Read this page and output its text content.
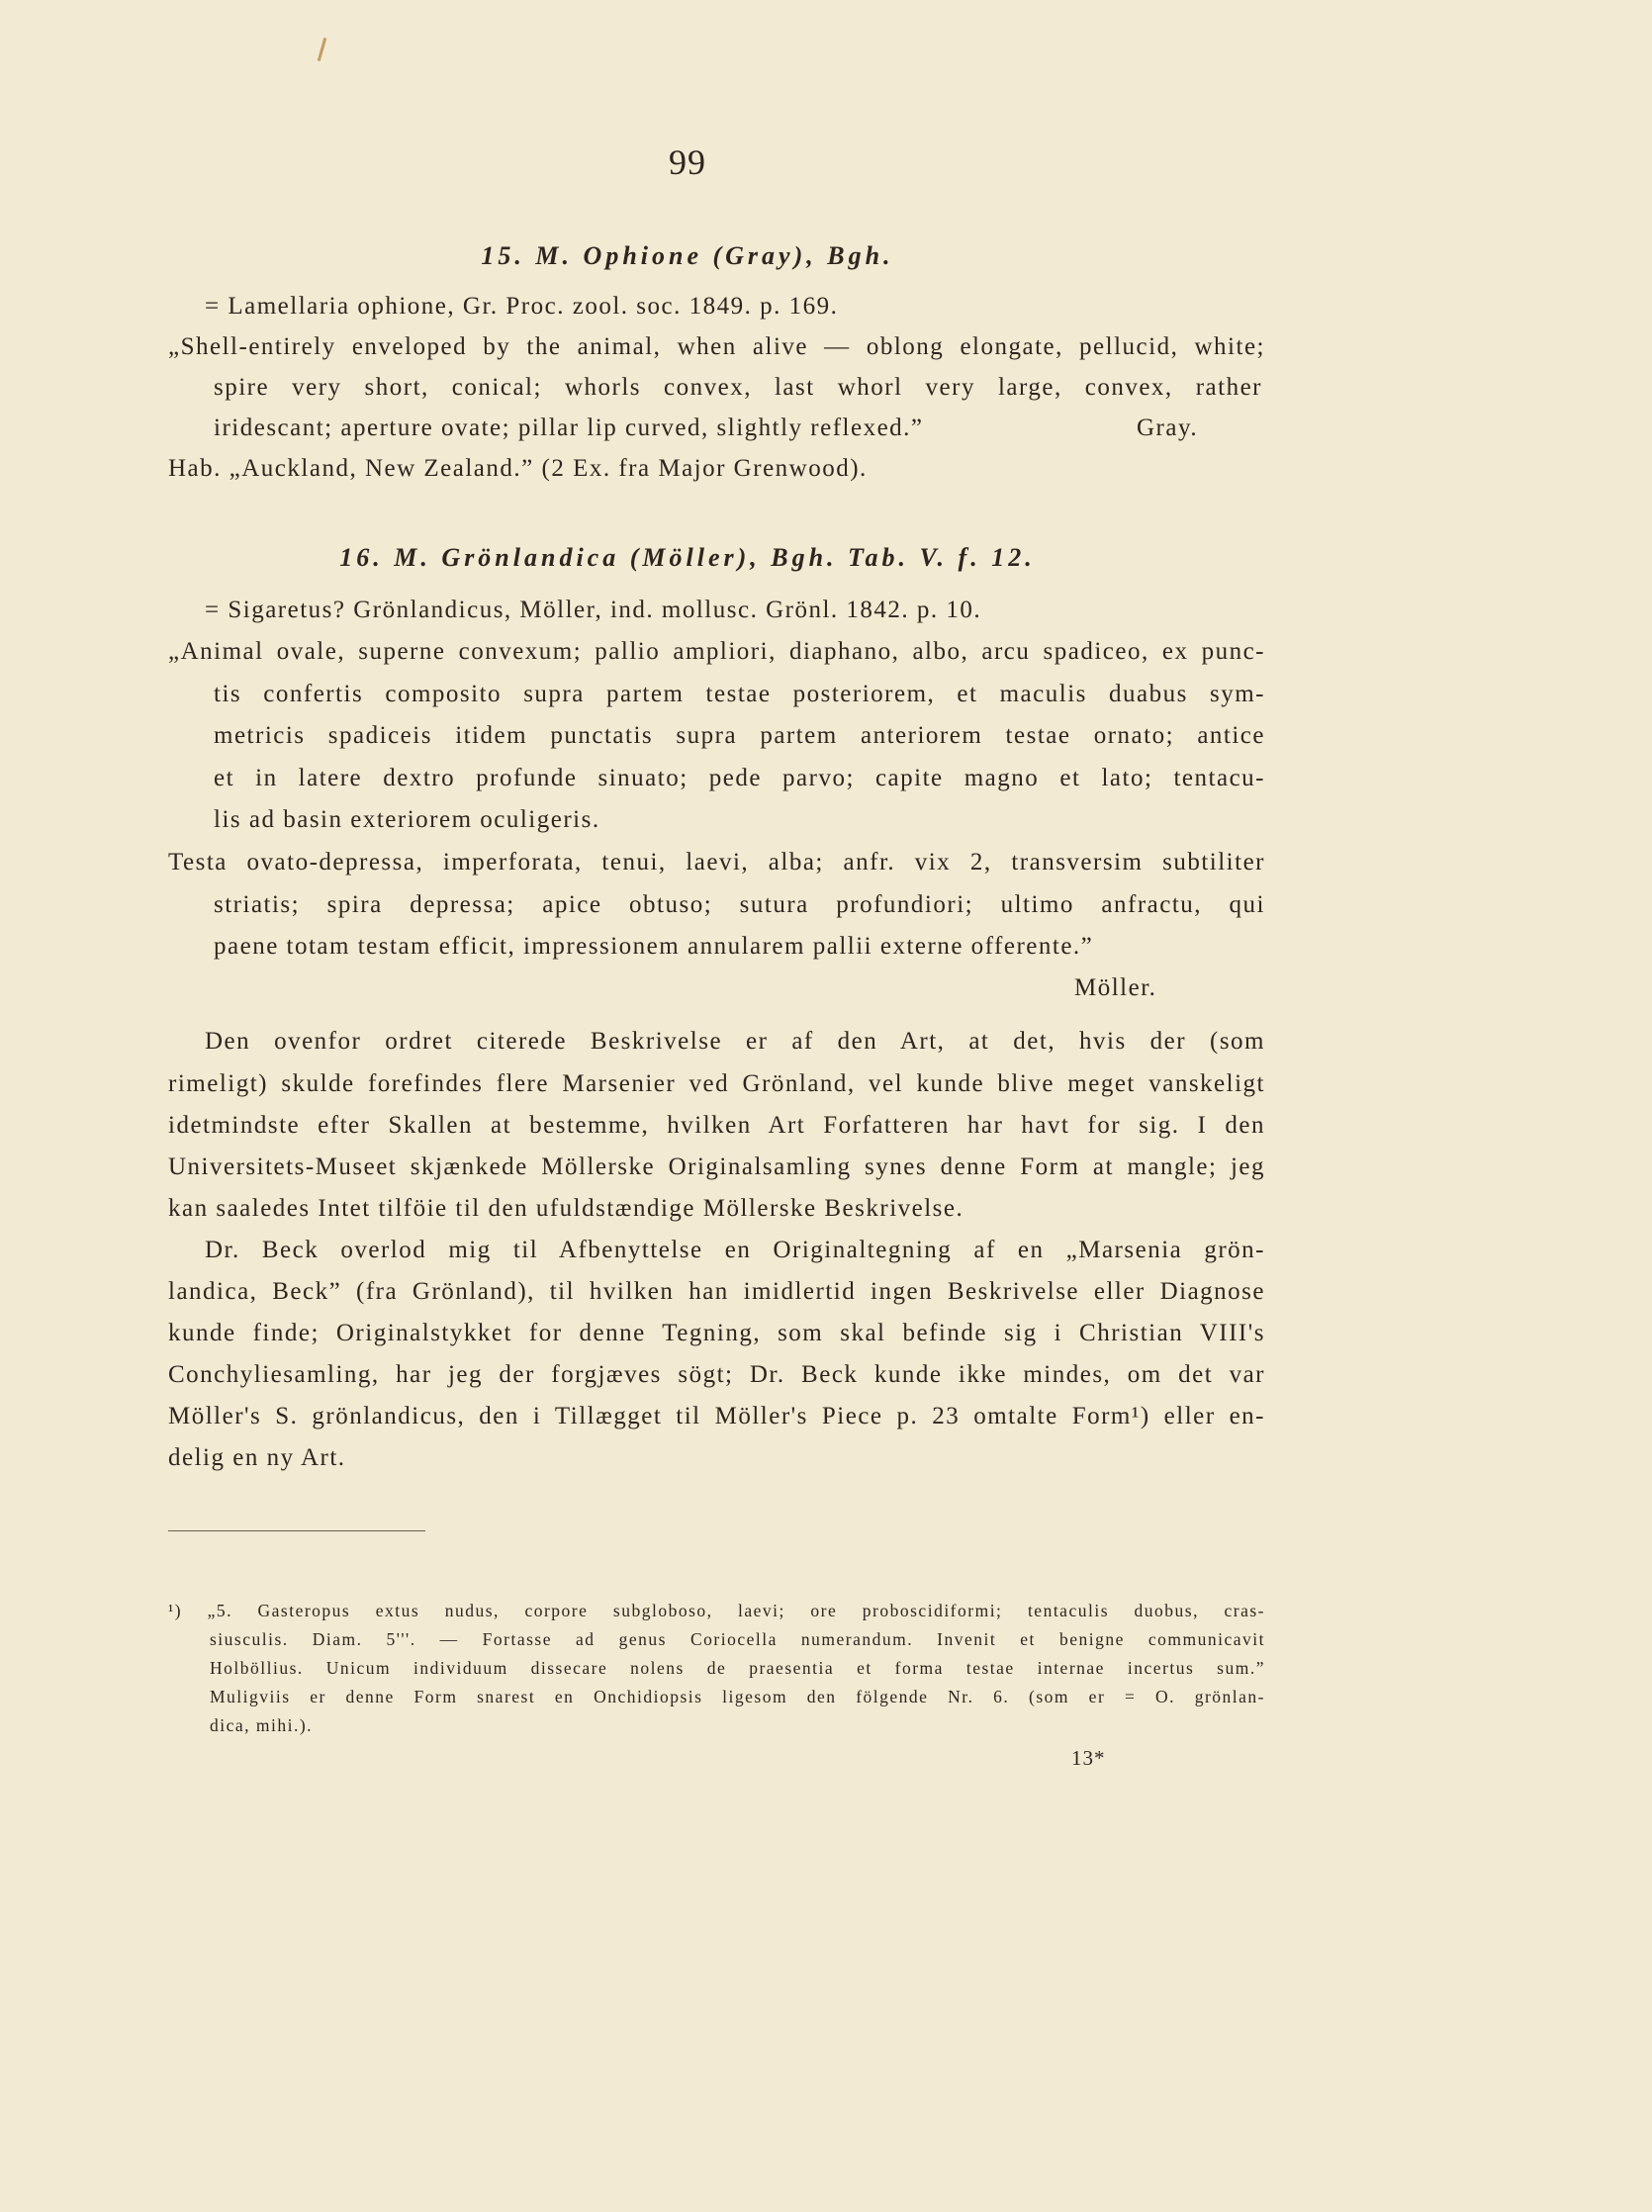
99
15. M. Ophione (Gray), Bgh.
= Lamellaria ophione, Gr. Proc. zool. soc. 1849. p. 169.
„Shell-entirely enveloped by the animal, when alive — oblong elongate, pellucid, white;
spire very short, conical; whorls convex, last whorl very large, convex, rather
iridescant; aperture ovate; pillar lip curved, slightly reflexed.”	Gray.
Hab. „Auckland, New Zealand.” (2 Ex. fra Major Grenwood).
16. M. Grönlandica (Möller), Bgh. Tab. V. f. 12.
= Sigaretus? Grönlandicus, Möller, ind. mollusc. Grönl. 1842. p. 10.
„Animal ovale, superne convexum; pallio ampliori, diaphano, albo, arcu spadiceo, ex punc-
tis confertis composito supra partem testae posteriorem, et maculis duabus sym-
metricis spadiceis itidem punctatis supra partem anteriorem testae ornato; antice
et in latere dextro profunde sinuato; pede parvo; capite magno et lato; tentacu-
lis ad basin exteriorem oculigeris.
Testa ovato-depressa, imperforata, tenui, laevi, alba; anfr. vix 2, transversim subtiliter
striatis; spira depressa; apice obtuso; sutura profundiori; ultimo anfractu, qui
paene totam testam efficit, impressionem annularem pallii externe offerente.”
Möller.
Den ovenfor ordret citerede Beskrivelse er af den Art, at det, hvis der (som
rimeligt) skulde forefindes flere Marsenier ved Grönland, vel kunde blive meget vanskeligt
idetmindste efter Skallen at bestemme, hvilken Art Forfatteren har havt for sig. I den
Universitets-Museet skjænkede Möllerske Originalsamling synes denne Form at mangle; jeg
kan saaledes Intet tilföie til den ufuldstændige Möllerske Beskrivelse.
Dr. Beck overlod mig til Afbenyttelse en Originaltegning af en „Marsenia grön-
landica, Beck” (fra Grönland), til hvilken han imidlertid ingen Beskrivelse eller Diagnose
kunde finde; Originalstykket for denne Tegning, som skal befinde sig i Christian VIII's
Conchyliesamling, har jeg der forgjæves sögt; Dr. Beck kunde ikke mindes, om det var
Möller's S. grönlandicus, den i Tillægget til Möller's Piece p. 23 omtalte Form¹) eller en-
delig en ny Art.
¹) „5. Gasteropus extus nudus, corpore subgloboso, laevi; ore proboscidiformi; tentaculis duobus, cras-
siusculis. Diam. 5'''. — Fortasse ad genus Coriocella numerandum. Invenit et benigne communicavit
Holböllius. Unicum individuum dissecare nolens de praesentia et forma testae internae incertus sum.”
Muligviis er denne Form snarest en Onchidiopsis ligesom den fölgende Nr. 6. (som er = O. grönlan-
dica, mihi.).
13*
